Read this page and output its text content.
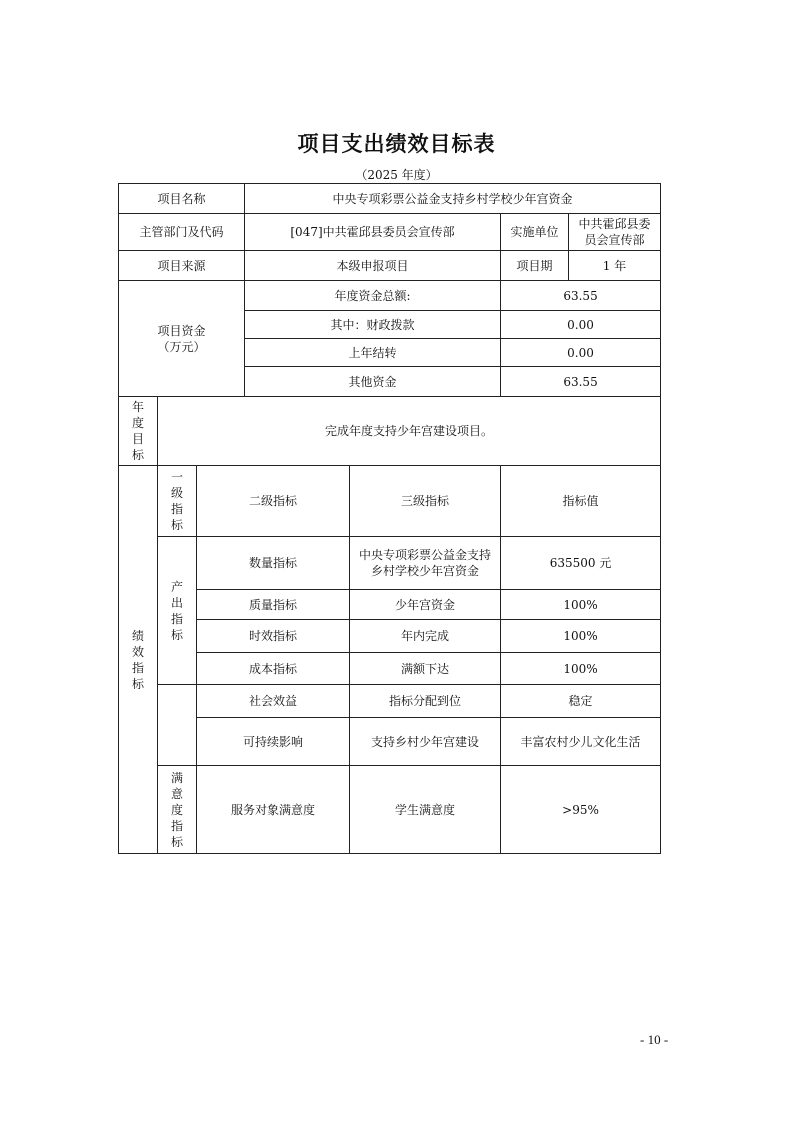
项目支出绩效目标表
（2025 年度）
项目名称			中央专项彩票公益金支持乡村学校少年宫资金			
主管部门及代码			[047]中共霍邱县委员会宣传部		实施单位	中共霍邱县委员会宣传部
项目来源			本级申报项目		项目期	1 年

项目资金
（万元）			年度资金总额:		63.55	
			其中：财政拨款		0.00	
			上年结转		0.00	
			其他资金		63.55	
年度目标	完成年度支持少年宫建设项目。					
绩效指标	一级指标	二级指标		三级指标	指标值	
	产出指标	数量指标		中央专项彩票公益金支持乡村学校少年宫资金	635500 元	
		质量指标		少年宫资金	100%	
		时效指标		年内完成	100%	
		成本指标		满额下达	100%	
		社会效益		指标分配到位	稳定	
		可持续影响		支持乡村少年宫建设	丰富农村少儿文化生活	
	满意度指标	服务对象满意度		学生满意度	>95%	
- 10 -
